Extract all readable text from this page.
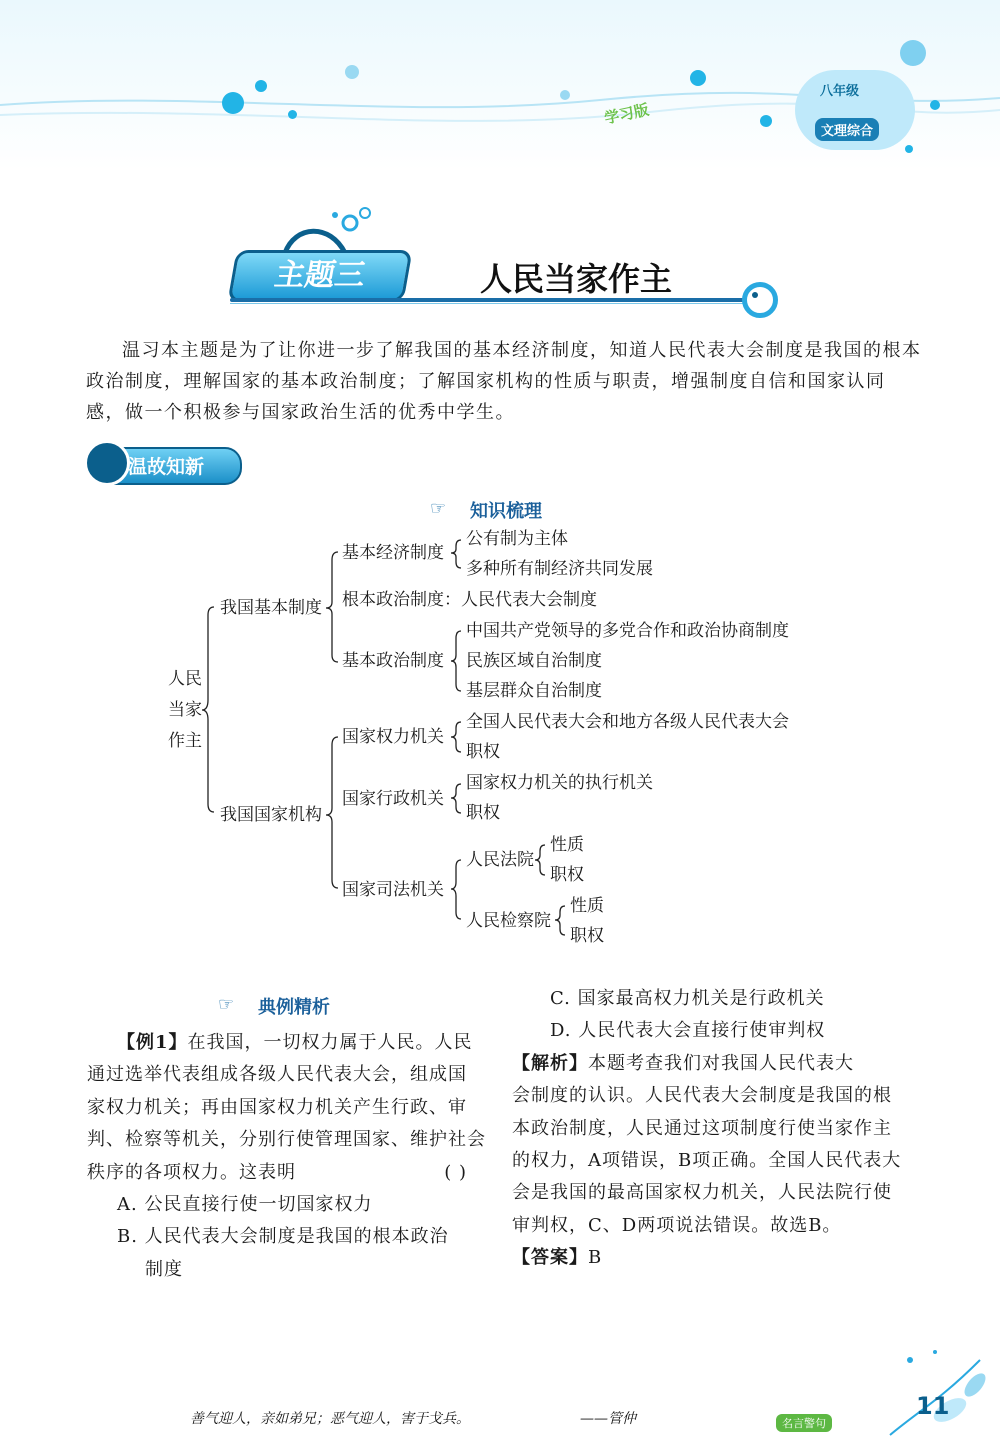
学习版
八年级
文理综合
主题三	人民当家作主
温习本主题是为了让你进一步了解我国的基本经济制度，知道人民代表大会制度是我国的根本政治制度，理解国家的基本政治制度；了解国家机构的性质与职责，增强制度自信和国家认同感，做一个积极参与国家政治生活的优秀中学生。
温故知新
☞ 知识梳理
人民
当家
作主
我国基本制度
基本经济制度
公有制为主体
多种所有制经济共同发展
根本政治制度：人民代表大会制度
基本政治制度
中国共产党领导的多党合作和政治协商制度
民族区域自治制度
基层群众自治制度
我国国家机构
国家权力机关
全国人民代表大会和地方各级人民代表大会
职权
国家行政机关
国家权力机关的执行机关
职权
国家司法机关
人民法院
性质
职权
人民检察院
性质
职权
☞ 典例精析
【例1】在我国，一切权力属于人民。人民
通过选举代表组成各级人民代表大会，组成国
家权力机关；再由国家权力机关产生行政、审
判、检察等机关，分别行使管理国家、维护社会
秩序的各项权力。这表明	( )
A. 公民直接行使一切国家权力
B. 人民代表大会制度是我国的根本政治
制度
C. 国家最高权力机关是行政机关
D. 人民代表大会直接行使审判权
【解析】本题考查我们对我国人民代表大
会制度的认识。人民代表大会制度是我国的根
本政治制度，人民通过这项制度行使当家作主
的权力，A项错误，B项正确。全国人民代表大
会是我国的最高国家权力机关，人民法院行使
审判权，C、D两项说法错误。故选B。
【答案】B
善气迎人，亲如弟兄；恶气迎人，害于戈兵。	——管仲	11
名言警句
